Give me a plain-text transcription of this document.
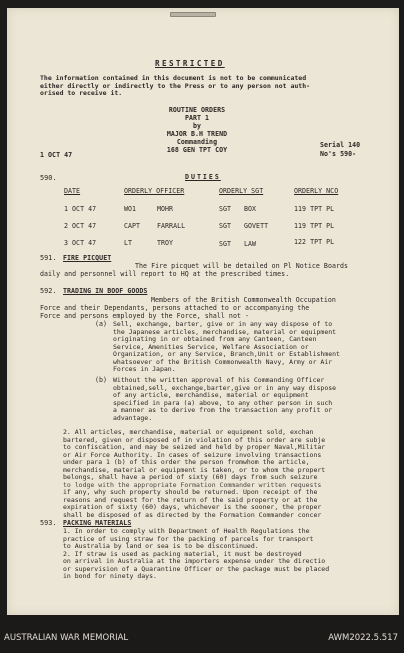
RESTRICTED
The information contained in this document is not to be communicated
either directly or indirectly to the Press or to any person not auth-
orised to receive it.
ROUTINE ORDERS
PART 1
by
MAJOR B.H TREND
Commanding
168 GEN TPT COY
1 OCT 47
Serial 140
No's 590-
590.	DUTIES
DATE	ORDERLY OFFICER	ORDERLY SGT	ORDERLY NCO
1 OCT 47	WO1	MOHR	SGT BOX	119 TPT PL
2 OCT 47	CAPT	FARRALL	SGT GOVETT	119 TPT PL
3 OCT 47	LT	TROY	SGT LAW	122 TPT PL
591. FIRE PICQUET
The Fire picquet will be detailed on Pl Notice Boards
daily and personnel will report to HQ at the prescribed times.
592. TRADING IN BOOF GOODS
Members of the British Commonwealth Occupation
Force and their Dependants, persons attached to or accompanying the
Force and persons employed by the Force, shall not -
(a) Sell, exchange, barter, give or in any way dispose of to
the Japanese articles, merchandise, material or equipment
originating in or obtained from any Canteen, Canteen
Service, Amenities Service, Welfare Association or
Organization, or any Service, Branch,Unit or Establishment
whatsoever of the British Commonwealth Navy, Army or Air
Forces in Japan.
(b) Without the written approval of his Commanding Officer
obtained,sell, exchange,barter,give or in any way dispose
of any article, merchandise, material or equipment
specified in para (a) above, to any other person in such
a manner as to derive from the transaction any profit or
advantage.
2. All articles, merchandise, material or equipment sold, exchan
bartered, given or disposed of in violation of this order are subje
to confiscation, and may be seized and held by proper Naval,Militar
or Air Force Authority. In cases of seizure involving transactions
under para 1 (b) of this order the person fromwhom the article,
merchandise, material or equipment is taken, or to whom the propert
belongs, shall have a period of sixty (60) days from such seizure
to lodge with the appropriate Formation Commander written requests
if any, why such property should be returned. Upon receipt of the
reasons and request for the return of the said property or at the
expiration of sixty (60) days, whichever is the sooner, the proper
shall be disposed of as directed by the Formation Commander concer
593. PACKING MATERIALS
1. In order to comply with Department of Health Regulations the
practice of using straw for the packing of parcels for transport
to Australia by land or sea is to be discontinued.
2. If straw is used as packing material, it must be destroyed
on arrival in Australia at the importers expense under the directio
or supervision of a Quarantine Officer or the package must be placed
in bond for ninety days.
AUSTRALIAN WAR MEMORIAL	AWM2022.5.517
